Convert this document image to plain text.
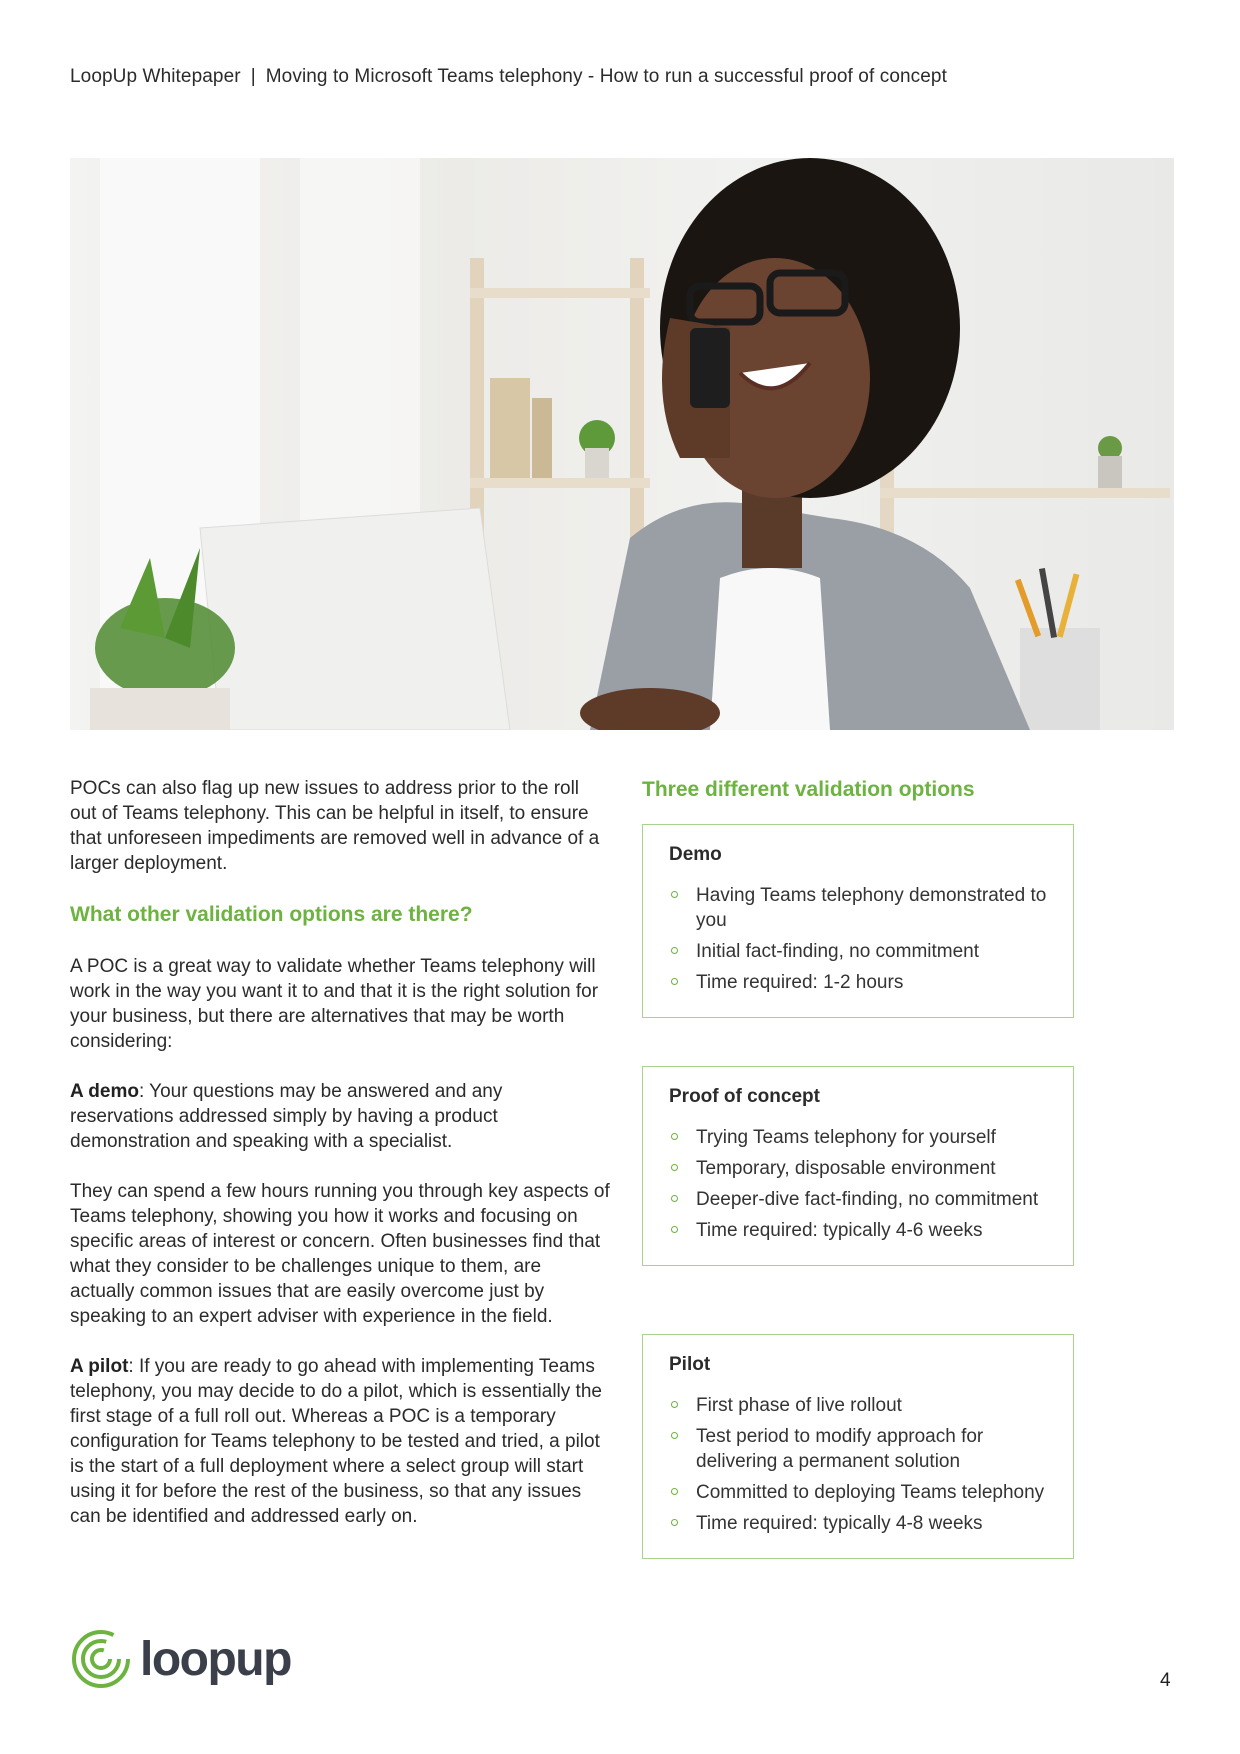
LoopUp Whitepaper | Moving to Microsoft Teams telephony - How to run a successful proof of concept

POCs can also flag up new issues to address prior to the roll out of Teams telephony. This can be helpful in itself, to ensure that unforeseen impediments are removed well in advance of a larger deployment.

What other validation options are there?

A POC is a great way to validate whether Teams telephony will work in the way you want it to and that it is the right solution for your business, but there are alternatives that may be worth considering:

A demo: Your questions may be answered and any reservations addressed simply by having a product demonstration and speaking with a specialist.

They can spend a few hours running you through key aspects of Teams telephony, showing you how it works and focusing on specific areas of interest or concern. Often businesses find that what they consider to be challenges unique to them, are actually common issues that are easily overcome just by speaking to an expert adviser with experience in the field.

A pilot: If you are ready to go ahead with implementing Teams telephony, you may decide to do a pilot, which is essentially the first stage of a full roll out. Whereas a POC is a temporary configuration for Teams telephony to be tested and tried, a pilot is the start of a full deployment where a select group will start using it for before the rest of the business, so that any issues can be identified and addressed early on.

Three different validation options
Demo
Having Teams telephony demonstrated to you
Initial fact-finding, no commitment
Time required: 1-2 hours
Proof of concept
Trying Teams telephony for yourself
Temporary, disposable environment
Deeper-dive fact-finding, no commitment
Time required: typically 4-6 weeks
Pilot
First phase of live rollout
Test period to modify approach for delivering a permanent solution
Committed to deploying Teams telephony
Time required: typically 4-8 weeks
loopup	4
